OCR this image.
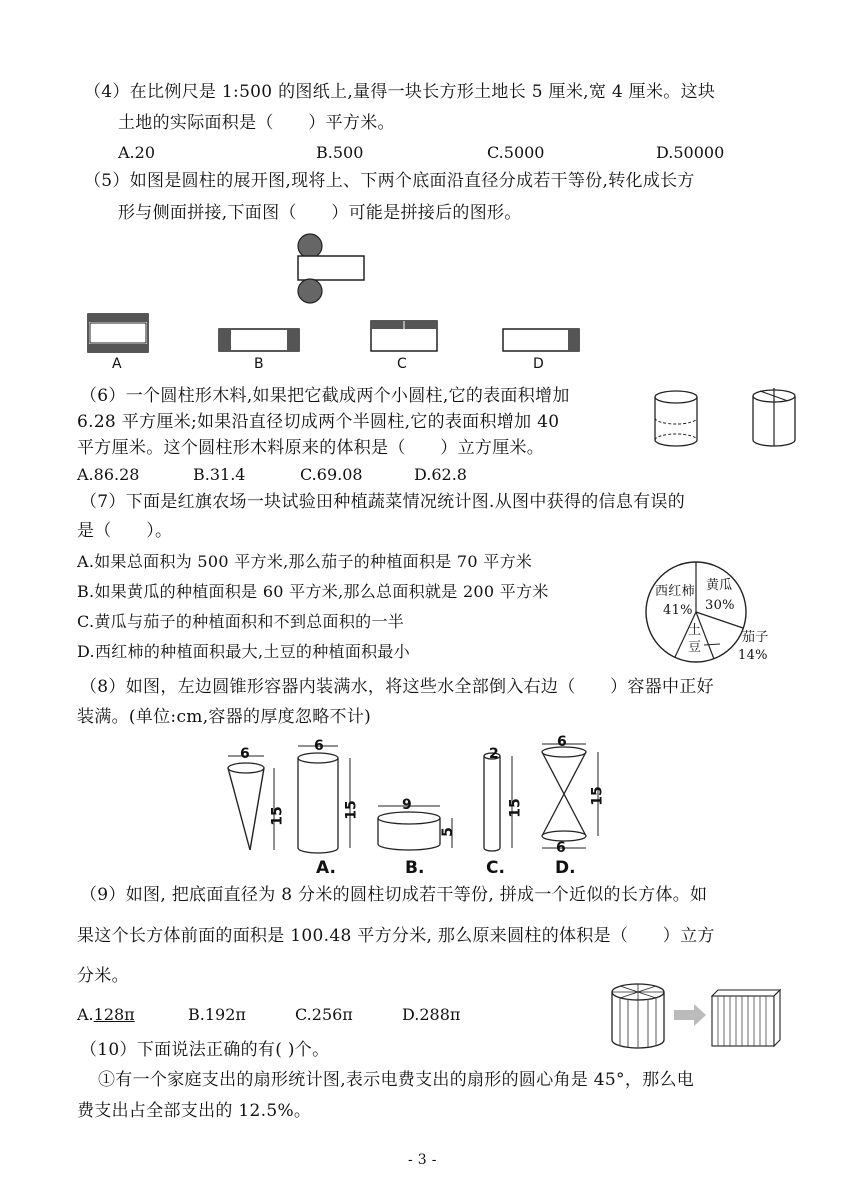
（4）在比例尺是 1:500 的图纸上,量得一块长方形土地长 5 厘米,宽 4 厘米。这块
土地的实际面积是（　　）平方米。
A.20	B.500	C.5000	D.50000
（5）如图是圆柱的展开图,现将上、下两个底面沿直径分成若干等份,转化成长方
形与侧面拼接,下面图（　　）可能是拼接后的图形。
A	B	C	D
（6）一个圆柱形木料,如果把它截成两个小圆柱,它的表面积增加
6.28 平方厘米;如果沿直径切成两个半圆柱,它的表面积增加 40
平方厘米。这个圆柱形木料原来的体积是（　　）立方厘米。
A.86.28	B.31.4	C.69.08	D.62.8
（7）下面是红旗农场一块试验田种植蔬菜情况统计图.从图中获得的信息有误的
是（　　）。
A.如果总面积为 500 平方米,那么茄子的种植面积是 70 平方米
B.如果黄瓜的种植面积是 60 平方米,那么总面积就是 200 平方米
C.黄瓜与茄子的种植面积和不到总面积的一半
D.西红柿的种植面积最大,土豆的种植面积最小
西红柿
41%
黄瓜
30%
土
豆
茄子
14%
（8）如图，左边圆锥形容器内装满水，将这些水全部倒入右边（　　）容器中正好
装满。(单位:cm,容器的厚度忽略不计)
6
15
6
15
A.
9
5
B.
2
15
C.
6
6
15
D.
（9）如图, 把底面直径为 8 分米的圆柱切成若干等份, 拼成一个近似的长方体。如
果这个长方体前面的面积是 100.48 平方分米, 那么原来圆柱的体积是（　　）立方
分米。
A.128π	B.192π	C.256π	D.288π
（10）下面说法正确的有( )个。
①有一个家庭支出的扇形统计图,表示电费支出的扇形的圆心角是 45°，那么电
费支出占全部支出的 12.5%。
- 3 -
